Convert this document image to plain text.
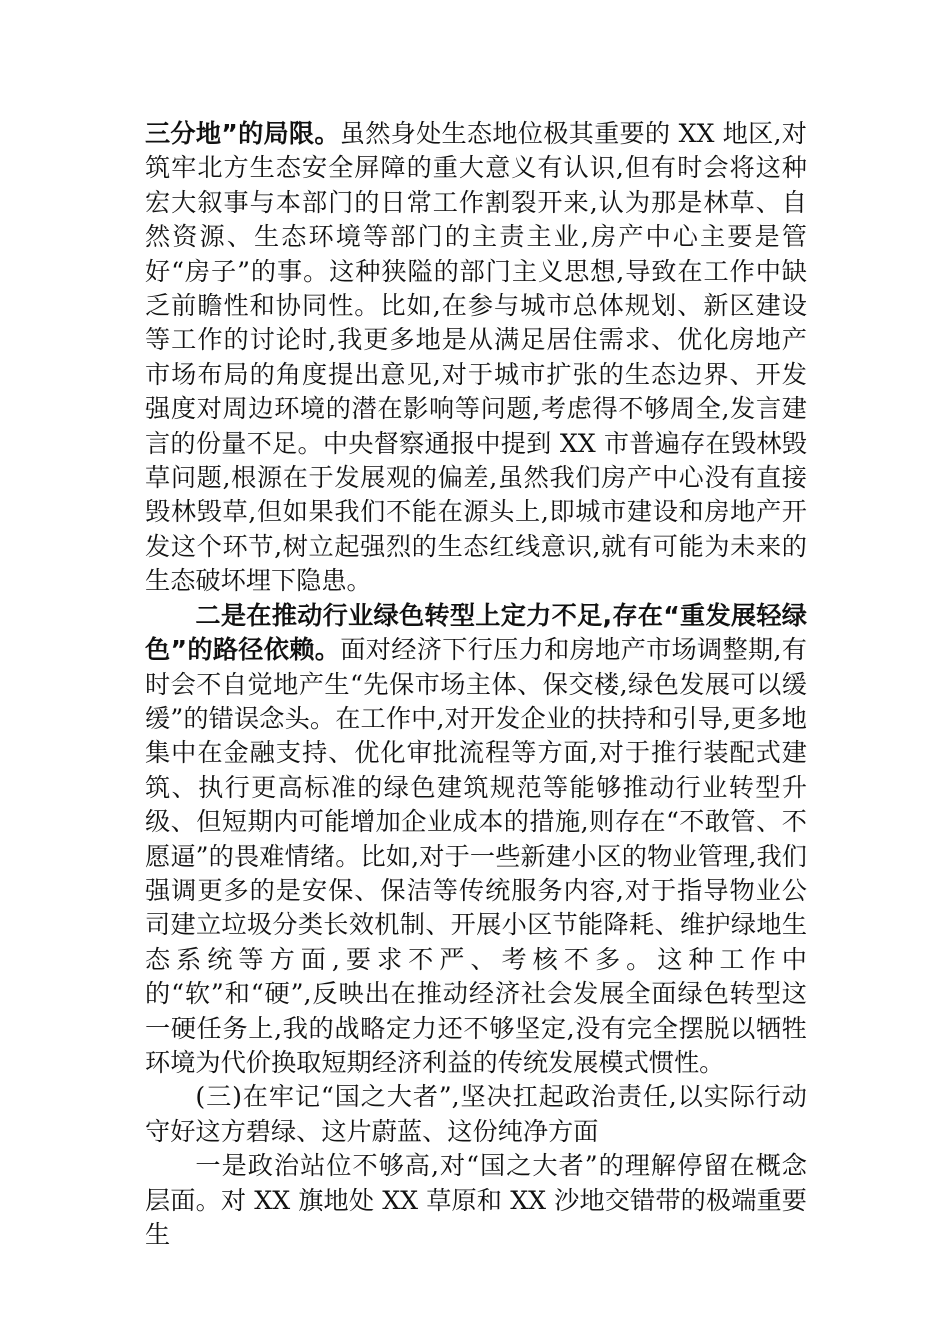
三分地”的局限。虽然身处生态地位极其重要的 XX 地区,对筑牢北方生态安全屏障的重大意义有认识,但有时会将这种宏大叙事与本部门的日常工作割裂开来,认为那是林草、自然资源、生态环境等部门的主责主业,房产中心主要是管好“房子”的事。这种狭隘的部门主义思想,导致在工作中缺乏前瞻性和协同性。比如,在参与城市总体规划、新区建设等工作的讨论时,我更多地是从满足居住需求、优化房地产市场布局的角度提出意见,对于城市扩张的生态边界、开发强度对周边环境的潜在影响等问题,考虑得不够周全,发言建言的份量不足。中央督察通报中提到 XX 市普遍存在毁林毁草问题,根源在于发展观的偏差,虽然我们房产中心没有直接毁林毁草,但如果我们不能在源头上,即城市建设和房地产开发这个环节,树立起强烈的生态红线意识,就有可能为未来的生态破坏埋下隐患。

二是在推动行业绿色转型上定力不足,存在“重发展轻绿色”的路径依赖。面对经济下行压力和房地产市场调整期,有时会不自觉地产生“先保市场主体、保交楼,绿色发展可以缓缓”的错误念头。在工作中,对开发企业的扶持和引导,更多地集中在金融支持、优化审批流程等方面,对于推行装配式建筑、执行更高标准的绿色建筑规范等能够推动行业转型升级、但短期内可能增加企业成本的措施,则存在“不敢管、不愿逼”的畏难情绪。比如,对于一些新建小区的物业管理,我们强调更多的是安保、保洁等传统服务内容,对于指导物业公司建立垃圾分类长效机制、开展小区节能降耗、维护绿地生态系统等方面,要求不严、考核不多。这种工作中的“软”和“硬”,反映出在推动经济社会发展全面绿色转型这一硬任务上,我的战略定力还不够坚定,没有完全摆脱以牺牲环境为代价换取短期经济利益的传统发展模式惯性。

(三)在牢记“国之大者”,坚决扛起政治责任,以实际行动守好这方碧绿、这片蔚蓝、这份纯净方面

一是政治站位不够高,对“国之大者”的理解停留在概念层面。对 XX 旗地处 XX 草原和 XX 沙地交错带的极端重要生
